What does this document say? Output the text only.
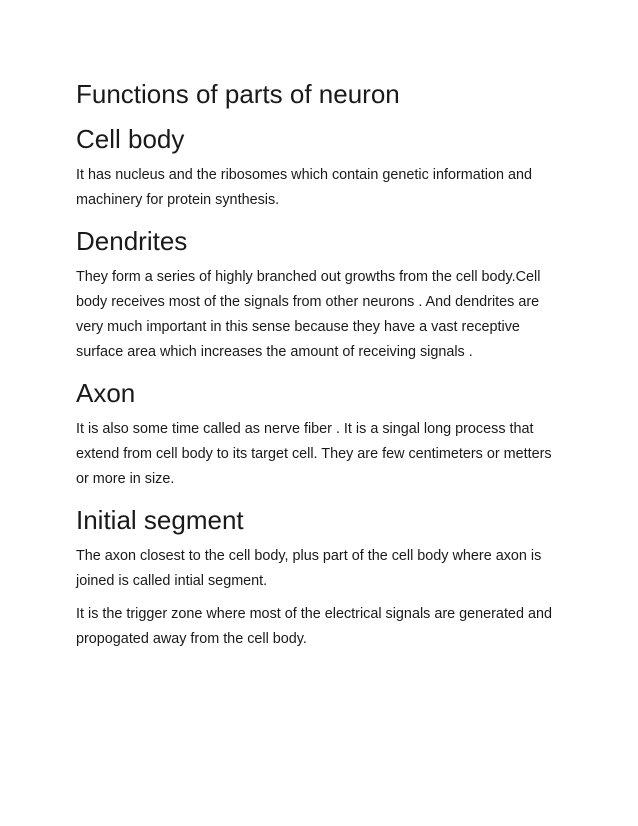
Functions of parts of neuron
Cell body

It has nucleus and the ribosomes which contain genetic information and machinery for protein synthesis.

Dendrites

They form a series of highly branched out growths from the cell body.Cell body receives most of the signals from other neurons . And dendrites are very much important in this sense because they have a vast receptive surface area which increases the amount of receiving signals .

Axon

It is also some time called as nerve fiber . It is a singal long process that extend from cell body to its target cell. They are few centimeters or metters or more in size.

Initial segment

The axon closest to the cell body, plus part of the cell body where axon is joined is called intial segment.

It is the trigger zone where most of the electrical signals are generated and propogated away from the cell body.
